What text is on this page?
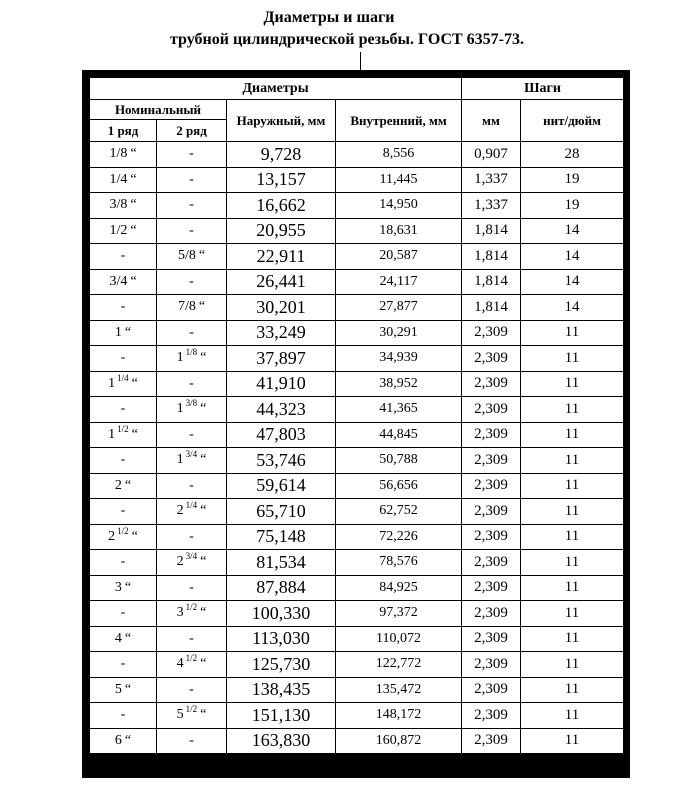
Диаметры и шаги
трубной цилиндрической резьбы. ГОСТ 6357-73.
Диаметры				Шаги	
Номинальный		Наружный, мм	Внутренний, мм	мм	нит/дюйм
1 ряд	2 ряд				
1/8 “	-	9,728	8,556	0,907	28
1/4 “	-	13,157	11,445	1,337	19
3/8 “	-	16,662	14,950	1,337	19
1/2 “	-	20,955	18,631	1,814	14
-	5/8 “	22,911	20,587	1,814	14
3/4 “	-	26,441	24,117	1,814	14
-	7/8 “	30,201	27,877	1,814	14
1 “	-	33,249	30,291	2,309	11
-	1 $^{1/8}$ “	37,897	34,939	2,309	11
1 $^{1/4}$ “	-	41,910	38,952	2,309	11
-	1 $^{3/8}$ “	44,323	41,365	2,309	11
1 $^{1/2}$ “	-	47,803	44,845	2,309	11
-	1 $^{3/4}$ “	53,746	50,788	2,309	11
2 “	-	59,614	56,656	2,309	11
-	2 $^{1/4}$ “	65,710	62,752	2,309	11
2 $^{1/2}$ “	-	75,148	72,226	2,309	11
-	2 $^{3/4}$ “	81,534	78,576	2,309	11
3 “	-	87,884	84,925	2,309	11
-	3 $^{1/2}$ “	100,330	97,372	2,309	11
4 “	-	113,030	110,072	2,309	11
-	4 $^{1/2}$ “	125,730	122,772	2,309	11
5 “	-	138,435	135,472	2,309	11
-	5 $^{1/2}$ “	151,130	148,172	2,309	11
6 “	-	163,830	160,872	2,309	11
